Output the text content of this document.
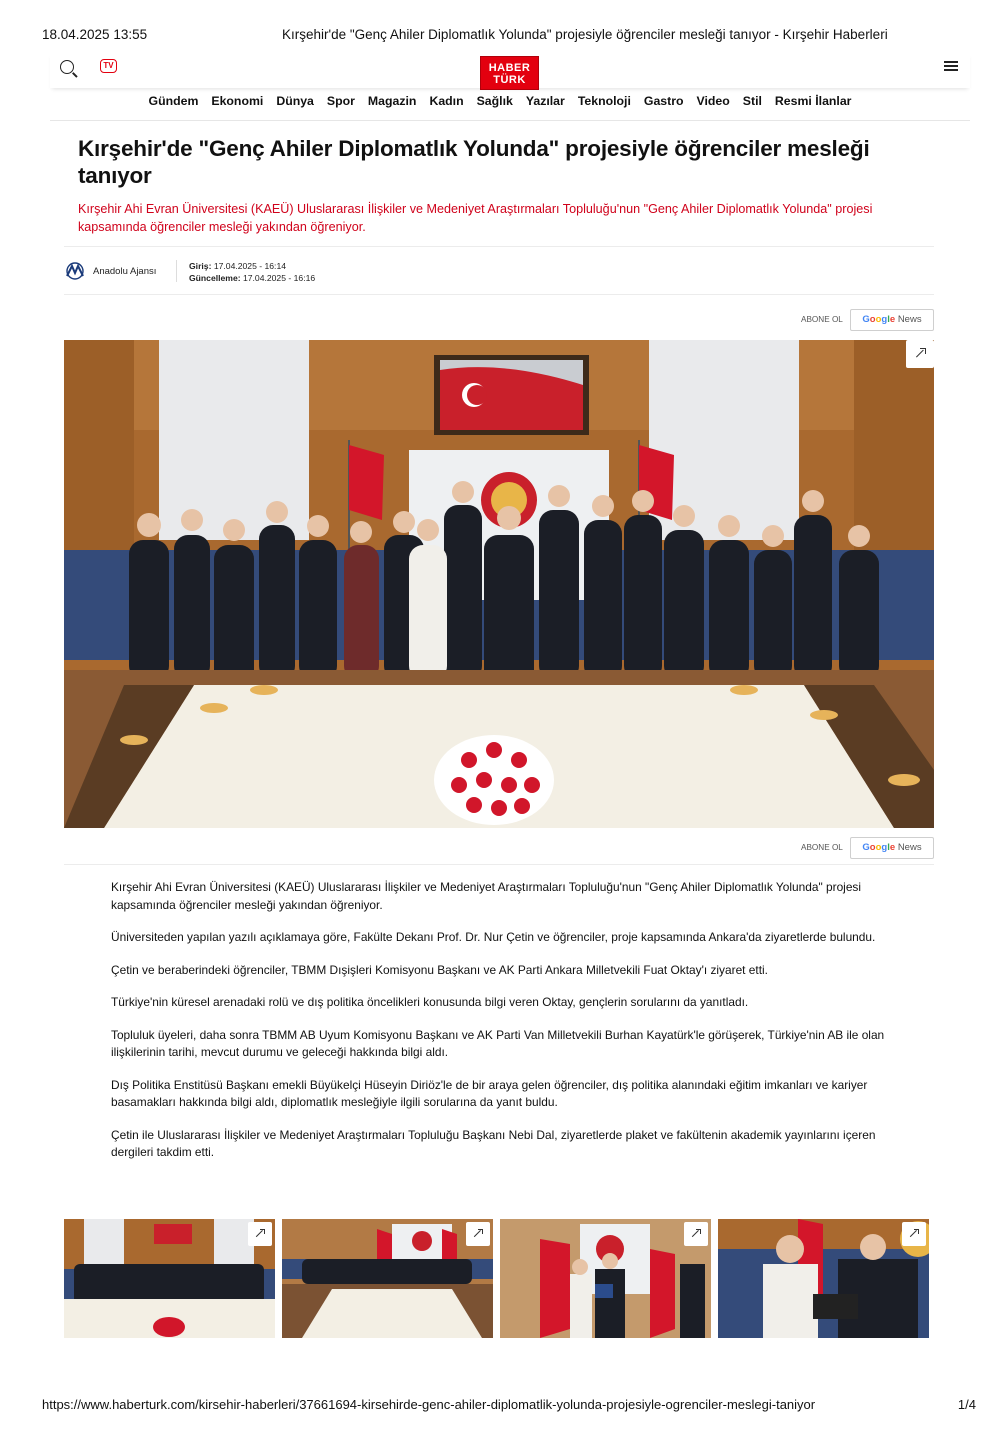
18.04.2025 13:55	Kırşehir'de "Genç Ahiler Diplomatlık Yolunda" projesiyle öğrenciler mesleği tanıyor - Kırşehir Haberleri
TV	HABER
TÜRK
Gündem Ekonomi Dünya Spor Magazin Kadın Sağlık Yazılar Teknoloji Gastro Video Stil Resmi İlanlar
Kırşehir'de "Genç Ahiler Diplomatlık Yolunda" projesiyle öğrenciler mesleği tanıyor

Kırşehir Ahi Evran Üniversitesi (KAEÜ) Uluslararası İlişkiler ve Medeniyet Araştırmaları Topluluğu'nun "Genç Ahiler Diplomatlık Yolunda" projesi kapsamında öğrenciler mesleği yakından öğreniyor.

Anadolu Ajansı	Giriş: 17.04.2025 - 16:14
Güncelleme: 17.04.2025 - 16:16
ABONE OL	Google News
ABONE OL	Google News

Kırşehir Ahi Evran Üniversitesi (KAEÜ) Uluslararası İlişkiler ve Medeniyet Araştırmaları Topluluğu'nun "Genç Ahiler Diplomatlık Yolunda" projesi kapsamında öğrenciler mesleği yakından öğreniyor.

Üniversiteden yapılan yazılı açıklamaya göre, Fakülte Dekanı Prof. Dr. Nur Çetin ve öğrenciler, proje kapsamında Ankara'da ziyaretlerde bulundu.

Çetin ve beraberindeki öğrenciler, TBMM Dışişleri Komisyonu Başkanı ve AK Parti Ankara Milletvekili Fuat Oktay'ı ziyaret etti.

Türkiye'nin küresel arenadaki rolü ve dış politika öncelikleri konusunda bilgi veren Oktay, gençlerin sorularını da yanıtladı.

Topluluk üyeleri, daha sonra TBMM AB Uyum Komisyonu Başkanı ve AK Parti Van Milletvekili Burhan Kayatürk'le görüşerek, Türkiye'nin AB ile olan ilişkilerinin tarihi, mevcut durumu ve geleceği hakkında bilgi aldı.

Dış Politika Enstitüsü Başkanı emekli Büyükelçi Hüseyin Diriöz'le de bir araya gelen öğrenciler, dış politika alanındaki eğitim imkanları ve kariyer basamakları hakkında bilgi aldı, diplomatlık mesleğiyle ilgili sorularına da yanıt buldu.

Çetin ile Uluslararası İlişkiler ve Medeniyet Araştırmaları Topluluğu Başkanı Nebi Dal, ziyaretlerde plaket ve fakültenin akademik yayınlarını içeren dergileri takdim etti.

https://www.haberturk.com/kirsehir-haberleri/37661694-kirsehirde-genc-ahiler-diplomatlik-yolunda-projesiyle-ogrenciler-meslegi-taniyor	1/4
